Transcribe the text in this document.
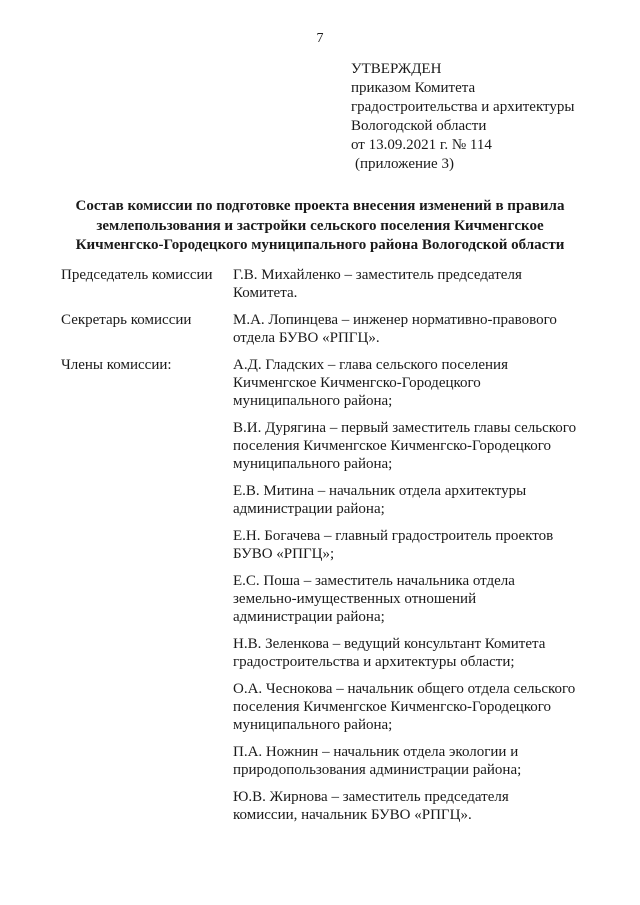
7
УТВЕРЖДЕН
приказом Комитета
градостроительства и архитектуры
Вологодской области
от 13.09.2021 г. № 114
(приложение 3)
Состав комиссии по подготовке проекта внесения изменений в правила
землепользования и застройки сельского поселения Кичменгское
Кичменгско-Городецкого муниципального района Вологодской области
Председатель комиссии Г.В. Михайленко – заместитель председателя
Комитета.
Секретарь комиссии	М.А. Лопинцева – инженер нормативно-правового
отдела БУВО «РПГЦ».
Члены комиссии:	А.Д. Гладских – глава сельского поселения
Кичменгское Кичменгско-Городецкого
муниципального района;
В.И. Дурягина – первый заместитель главы сельского
поселения Кичменгское Кичменгско-Городецкого
муниципального района;
Е.В. Митина – начальник отдела архитектуры
администрации района;
Е.Н. Богачева – главный градостроитель проектов
БУВО «РПГЦ»;
Е.С. Поша – заместитель начальника отдела
земельно-имущественных отношений
администрации района;
Н.В. Зеленкова – ведущий консультант Комитета
градостроительства и архитектуры области;
О.А. Чеснокова – начальник общего отдела сельского
поселения Кичменгское Кичменгско-Городецкого
муниципального района;
П.А. Ножнин – начальник отдела экологии и
природопользования администрации района;
Ю.В. Жирнова – заместитель председателя
комиссии, начальник БУВО «РПГЦ».
